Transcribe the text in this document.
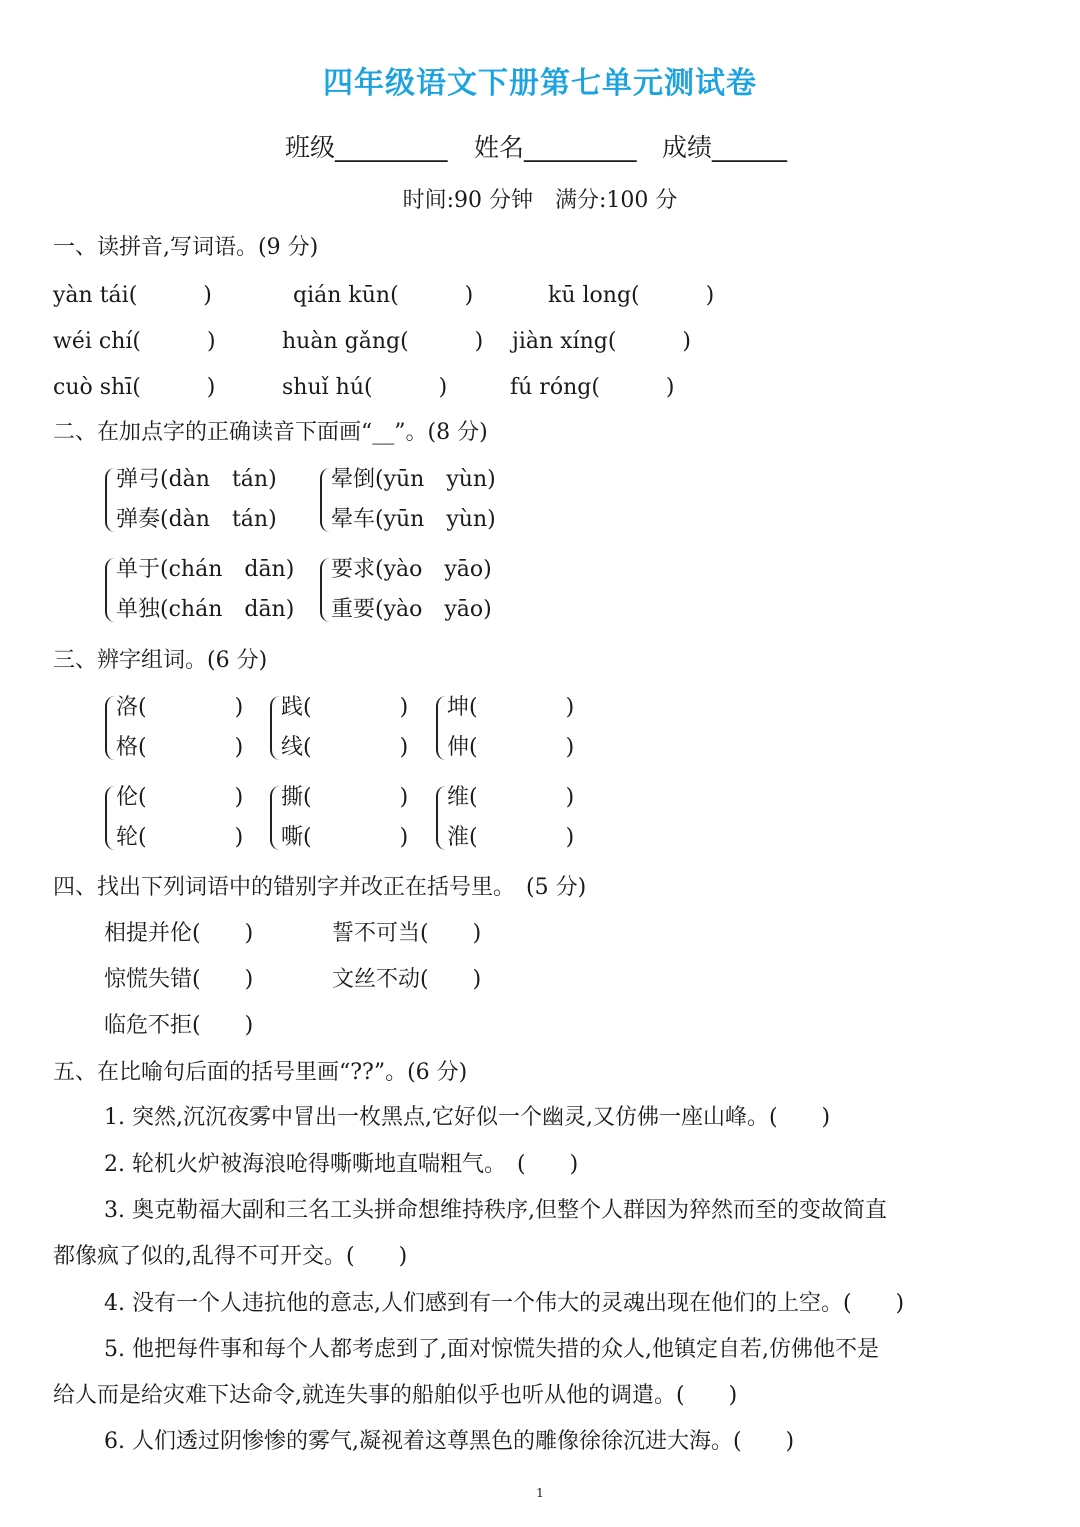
四年级语文下册第七单元测试卷
班级_________ 姓名_________ 成绩______
时间:90 分钟　满分:100 分
一、读拼音,写词语。(9 分)
yàn tái(　　　)	qián kūn(　　　)	kū long(　　　)
wéi chí(　　　)	huàn gǎng(　　　) jiàn xíng(　　　)
cuò shī(　　　)	shuǐ hú(　　　)	fú róng(　　　)
二、在加点字的正确读音下面画“__”。(8 分)
弹弓(dàn　tán)
弹奏(dàn　tán)
晕倒(yūn　yùn)
晕车(yūn　yùn)
单于(chán　dān)
单独(chán　dān)
要求(yào　yāo)
重要(yào　yāo)
三、辨字组词。(6 分)
洛(　　　　)
格(　　　　)
践(　　　　)
线(　　　　)
坤(　　　　)
伸(　　　　)
伦(　　　　)
轮(　　　　)
撕(　　　　)
嘶(　　　　)
维(　　　　)
淮(　　　　)
四、找出下列词语中的错别字并改正在括号里。　(5 分)
相提并伦(　　)	誓不可当(　　)
惊慌失错(　　)	文丝不动(　　)
临危不拒(　　)
五、在比喻句后面的括号里画“??”。(6 分)
1. 突然,沉沉夜雾中冒出一枚黑点,它好似一个幽灵,又仿佛一座山峰。(　　)
2. 轮机火炉被海浪呛得嘶嘶地直喘粗气。　(　　)
3. 奥克勒福大副和三名工头拼命想维持秩序,但整个人群因为猝然而至的变故简直
都像疯了似的,乱得不可开交。(　　)
4. 没有一个人违抗他的意志,人们感到有一个伟大的灵魂出现在他们的上空。(　　)
5. 他把每件事和每个人都考虑到了,面对惊慌失措的众人,他镇定自若,仿佛他不是
给人而是给灾难下达命令,就连失事的船舶似乎也听从他的调遣。(　　)
6. 人们透过阴惨惨的雾气,凝视着这尊黑色的雕像徐徐沉进大海。(　　)
1
